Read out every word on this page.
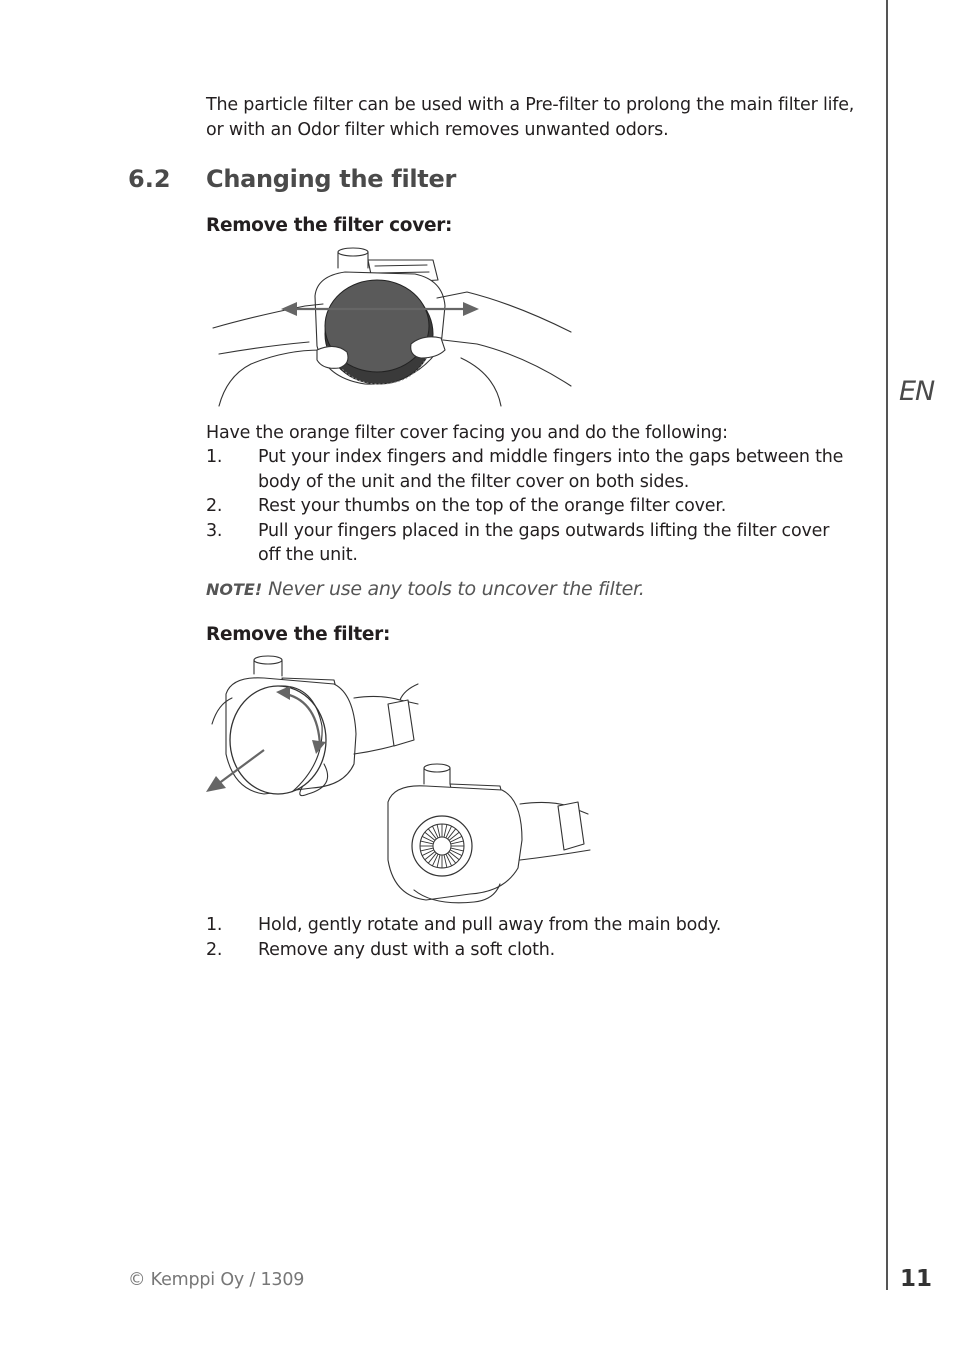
The particle filter can be used with a Pre-filter to prolong the main filter life, or with an Odor filter which removes unwanted odors.
6.2 Changing the filter
Remove the filter cover:
Have the orange filter cover facing you and do the following:
1. Put your index fingers and middle fingers into the gaps between the body of the unit and the filter cover on both sides.
2. Rest your thumbs on the top of the orange filter cover.
3. Pull your fingers placed in the gaps outwards lifting the filter cover off the unit.
NOTE! Never use any tools to uncover the filter.
Remove the filter:
1. Hold, gently rotate and pull away from the main body.
2. Remove any dust with a soft cloth.
EN
© Kemppi Oy / 1309	11
